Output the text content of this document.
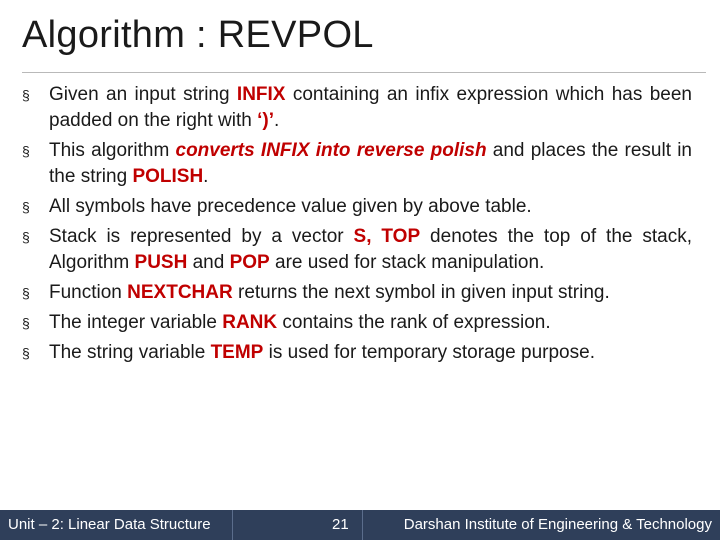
Algorithm : REVPOL
§	Given an input string INFIX containing an infix expression which has been padded on the right with ‘)’.
§	This algorithm converts INFIX into reverse polish and places the result in the string POLISH.
§	All symbols have precedence value given by above table.
§	Stack is represented by a vector S, TOP denotes the top of the stack, Algorithm PUSH and POP are used for stack manipulation.
§	Function NEXTCHAR returns the next symbol in given input string.
§	The integer variable RANK contains the rank of expression.
§	The string variable TEMP is used for temporary storage purpose.
Unit – 2: Linear Data Structure	21	Darshan Institute of Engineering & Technology
